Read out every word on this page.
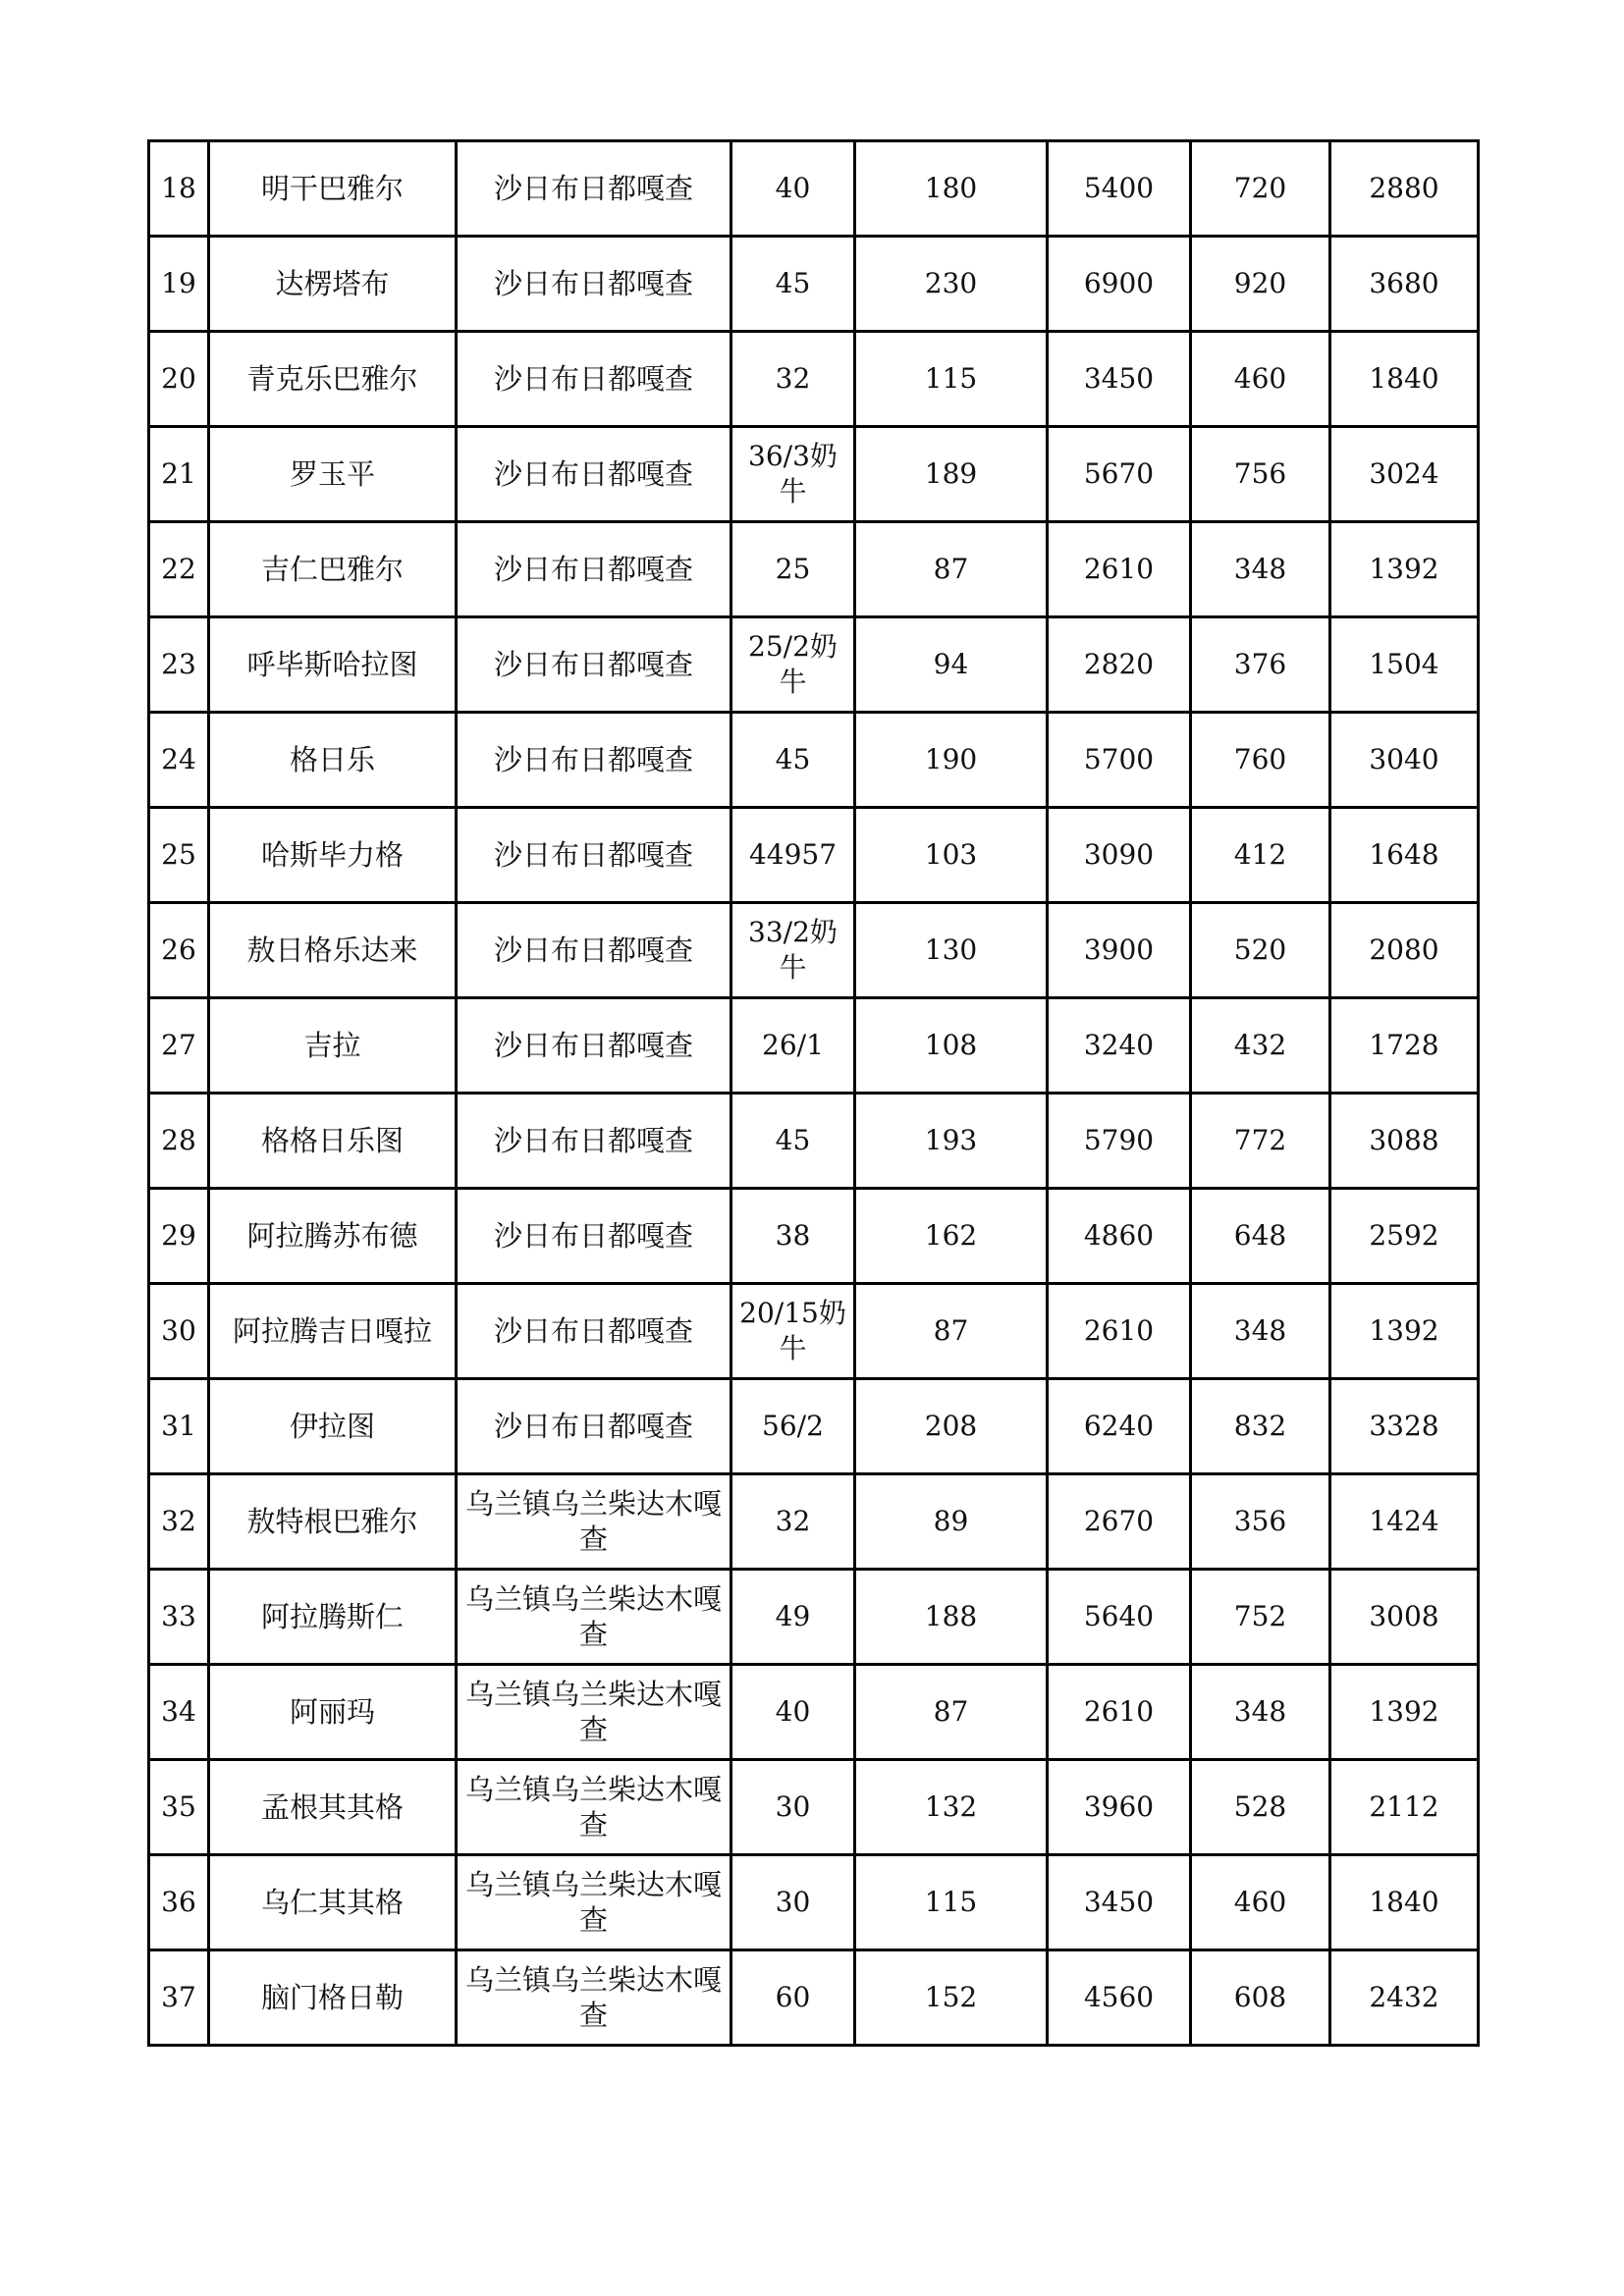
18	明干巴雅尔	沙日布日都嘎查	40	180	5400	720	2880
19	达楞塔布	沙日布日都嘎查	45	230	6900	920	3680
20	青克乐巴雅尔	沙日布日都嘎查	32	115	3450	460	1840
21	罗玉平	沙日布日都嘎查	36/3奶牛	189	5670	756	3024
22	吉仁巴雅尔	沙日布日都嘎查	25	87	2610	348	1392
23	呼毕斯哈拉图	沙日布日都嘎查	25/2奶牛	94	2820	376	1504
24	格日乐	沙日布日都嘎查	45	190	5700	760	3040
25	哈斯毕力格	沙日布日都嘎查	44957	103	3090	412	1648
26	敖日格乐达来	沙日布日都嘎查	33/2奶牛	130	3900	520	2080
27	吉拉	沙日布日都嘎查	26/1	108	3240	432	1728
28	格格日乐图	沙日布日都嘎查	45	193	5790	772	3088
29	阿拉腾苏布德	沙日布日都嘎查	38	162	4860	648	2592
30	阿拉腾吉日嘎拉	沙日布日都嘎查	20/15奶牛	87	2610	348	1392
31	伊拉图	沙日布日都嘎查	56/2	208	6240	832	3328
32	敖特根巴雅尔	乌兰镇乌兰柴达木嘎查	32	89	2670	356	1424
33	阿拉腾斯仁	乌兰镇乌兰柴达木嘎查	49	188	5640	752	3008
34	阿丽玛	乌兰镇乌兰柴达木嘎查	40	87	2610	348	1392
35	孟根其其格	乌兰镇乌兰柴达木嘎查	30	132	3960	528	2112
36	乌仁其其格	乌兰镇乌兰柴达木嘎查	30	115	3450	460	1840
37	脑门格日勒	乌兰镇乌兰柴达木嘎查	60	152	4560	608	2432
